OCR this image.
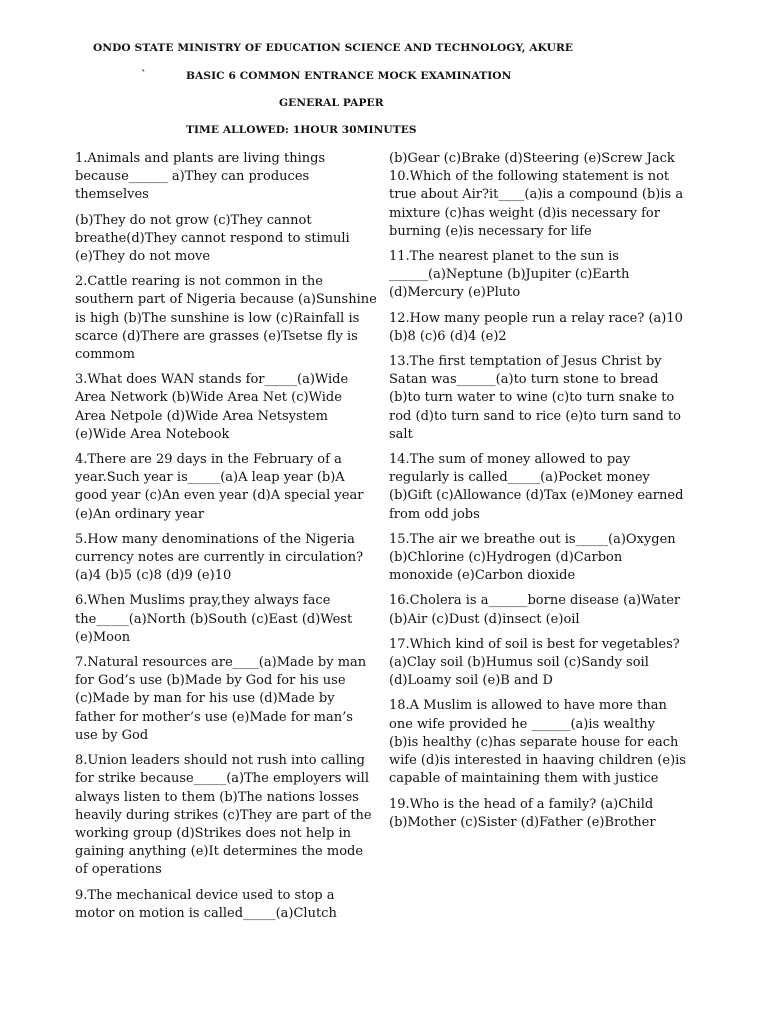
ONDO STATE MINISTRY OF EDUCATION SCIENCE AND TECHNOLOGY, AKURE
`	BASIC 6 COMMON ENTRANCE MOCK EXAMINATION
GENERAL PAPER
TIME ALLOWED: 1HOUR 30MINUTES

1.Animals and plants are living things because______ a)They can produces themselves

(b)They do not grow (c)They cannot breathe(d)They cannot respond to stimuli (e)They do not move

2.Cattle rearing is not common in the southern part of Nigeria because (a)Sunshine is high (b)The sunshine is low (c)Rainfall is scarce (d)There are grasses (e)Tsetse fly is commom

3.What does WAN stands for_____(a)Wide Area Network (b)Wide Area Net (c)Wide Area Netpole (d)Wide Area Netsystem (e)Wide Area Notebook

4.There are 29 days in the February of a year.Such year is_____(a)A leap year (b)A good year (c)An even year (d)A special year (e)An ordinary year

5.How many denominations of the Nigeria currency notes are currently in circulation?(a)4 (b)5 (c)8 (d)9 (e)10

6.When Muslims pray,they always face the_____(a)North (b)South (c)East (d)West (e)Moon

7.Natural resources are____(a)Made by man for God’s use (b)Made by God for his use (c)Made by man for his use (d)Made by father for mother’s use (e)Made for man’s use by God

8.Union leaders should not rush into calling for strike because_____(a)The employers will always listen to them (b)The nations losses heavily during strikes (c)They are part of the working group (d)Strikes does not help in gaining anything (e)It determines the mode of operations

9.The mechanical device used to stop a motor on motion is called_____(a)Clutch

(b)Gear (c)Brake (d)Steering (e)Screw Jack
10.Which of the following statement is not true about Air?it____(a)is a compound (b)is a mixture (c)has weight (d)is necessary for burning (e)is necessary for life

11.The nearest planet to the sun is ______(a)Neptune (b)Jupiter (c)Earth (d)Mercury (e)Pluto

12.How many people run a relay race? (a)10 (b)8 (c)6 (d)4 (e)2

13.The first temptation of Jesus Christ by Satan was______(a)to turn stone to bread (b)to turn water to wine (c)to turn snake to rod (d)to turn sand to rice (e)to turn sand to salt

14.The sum of money allowed to pay regularly is called_____(a)Pocket money (b)Gift (c)Allowance (d)Tax (e)Money earned from odd jobs

15.The air we breathe out is_____(a)Oxygen (b)Chlorine (c)Hydrogen (d)Carbon monoxide (e)Carbon dioxide

16.Cholera is a______borne disease (a)Water (b)Air (c)Dust (d)insect (e)oil

17.Which kind of soil is best for vegetables? (a)Clay soil (b)Humus soil (c)Sandy soil (d)Loamy soil (e)B and D

18.A Muslim is allowed to have more than one wife provided he ______(a)is wealthy (b)is healthy (c)has separate house for each wife (d)is interested in haaving children (e)is capable of maintaining them with justice

19.Who is the head of a family? (a)Child (b)Mother (c)Sister (d)Father (e)Brother
